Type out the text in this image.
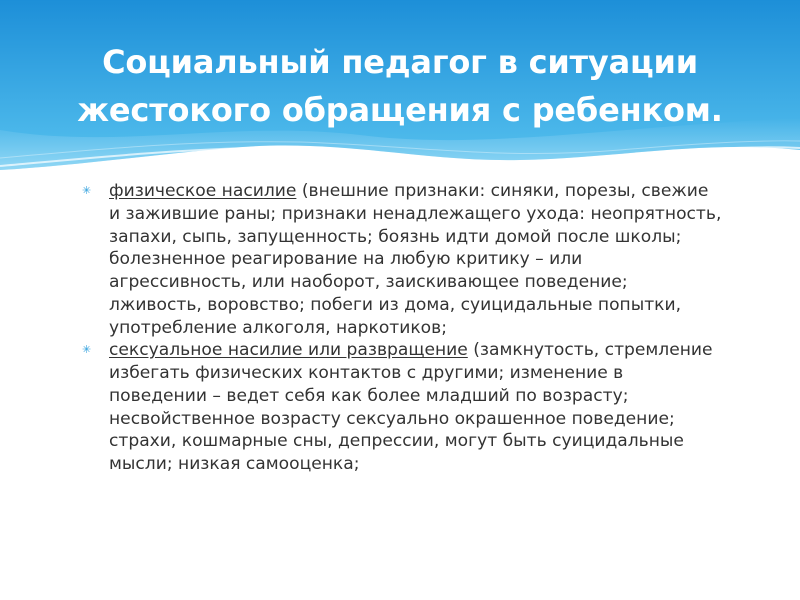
Социальный педагог в ситуации
жестокого обращения с ребенком.
✳ физическое насилие (внешние признаки: синяки, порезы, свежие и зажившие раны; признаки ненадлежащего ухода: неопрятность, запахи, сыпь, запущенность; боязнь идти домой после школы; болезненное реагирование на любую критику – или агрессивность, или наоборот, заискивающее поведение; лживость, воровство; побеги из дома, суицидальные попытки, употребление алкоголя, наркотиков;
✳ сексуальное насилие или развращение (замкнутость, стремление избегать физических контактов с другими; изменение в поведении – ведет себя как более младший по возрасту; несвойственное возрасту сексуально окрашенное поведение; страхи, кошмарные сны, депрессии, могут быть суицидальные мысли; низкая самооценка;
